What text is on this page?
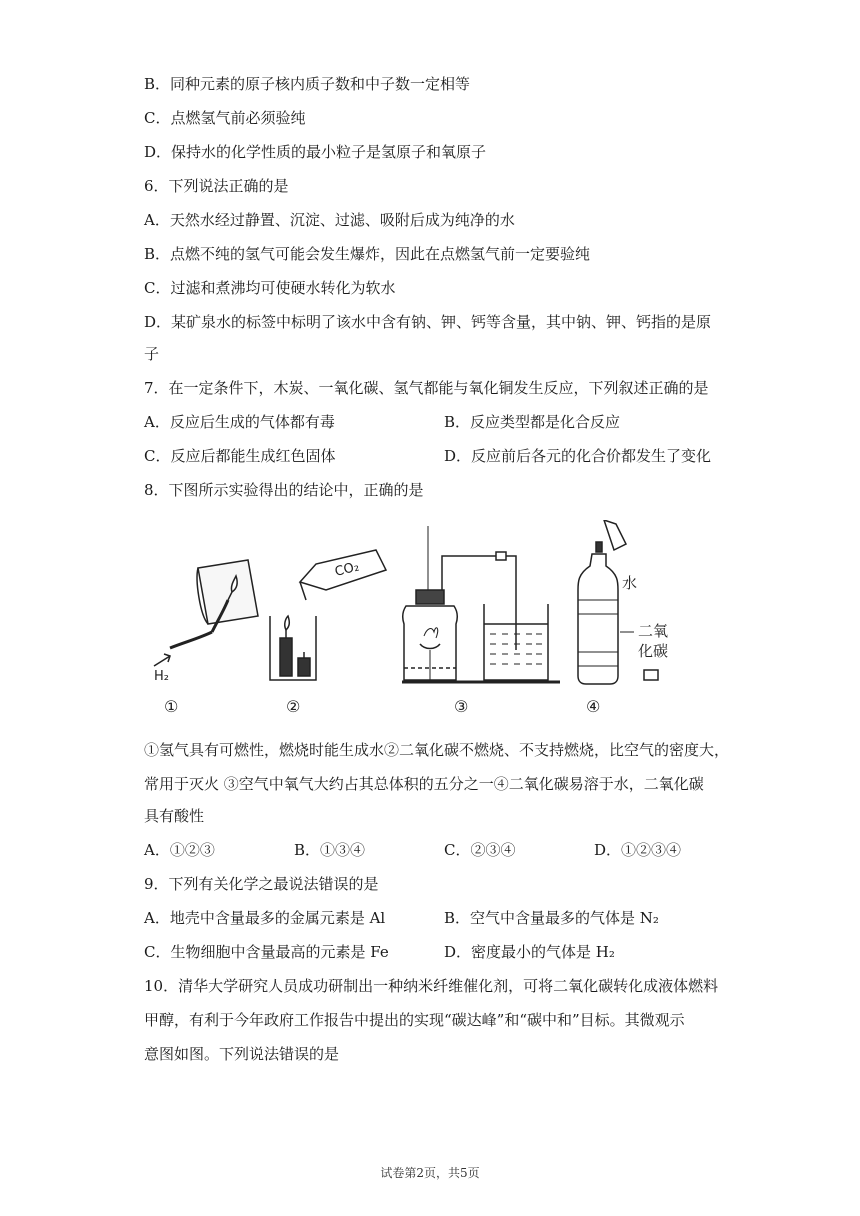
B．同种元素的原子核内质子数和中子数一定相等
C．点燃氢气前必须验纯
D．保持水的化学性质的最小粒子是氢原子和氧原子
6．下列说法正确的是
A．天然水经过静置、沉淀、过滤、吸附后成为纯净的水
B．点燃不纯的氢气可能会发生爆炸，因此在点燃氢气前一定要验纯
C．过滤和煮沸均可使硬水转化为软水
D．某矿泉水的标签中标明了该水中含有钠、钾、钙等含量，其中钠、钾、钙指的是原
子
7．在一定条件下，木炭、一氧化碳、氢气都能与氧化铜发生反应，下列叙述正确的是
A．反应后生成的气体都有毒	B．反应类型都是化合反应
C．反应后都能生成红色固体	D．反应前后各元的化合价都发生了变化
8．下图所示实验得出的结论中，正确的是
H₂
CO₂
水
二氧
化碳
①	②	③	④
①氢气具有可燃性，燃烧时能生成水②二氧化碳不燃烧、不支持燃烧，比空气的密度大，
常用于灭火 ③空气中氧气大约占其总体积的五分之一④二氧化碳易溶于水，二氧化碳
具有酸性
A．①②③	B．①③④	C．②③④	D．①②③④
9．下列有关化学之最说法错误的是
A．地壳中含量最多的金属元素是 Al	B．空气中含量最多的气体是 N₂
C．生物细胞中含量最高的元素是 Fe	D．密度最小的气体是 H₂
10．清华大学研究人员成功研制出一种纳米纤维催化剂，可将二氧化碳转化成液体燃料
甲醇，有利于今年政府工作报告中提出的实现“碳达峰”和“碳中和”目标。其微观示
意图如图。下列说法错误的是
试卷第2页，共5页
